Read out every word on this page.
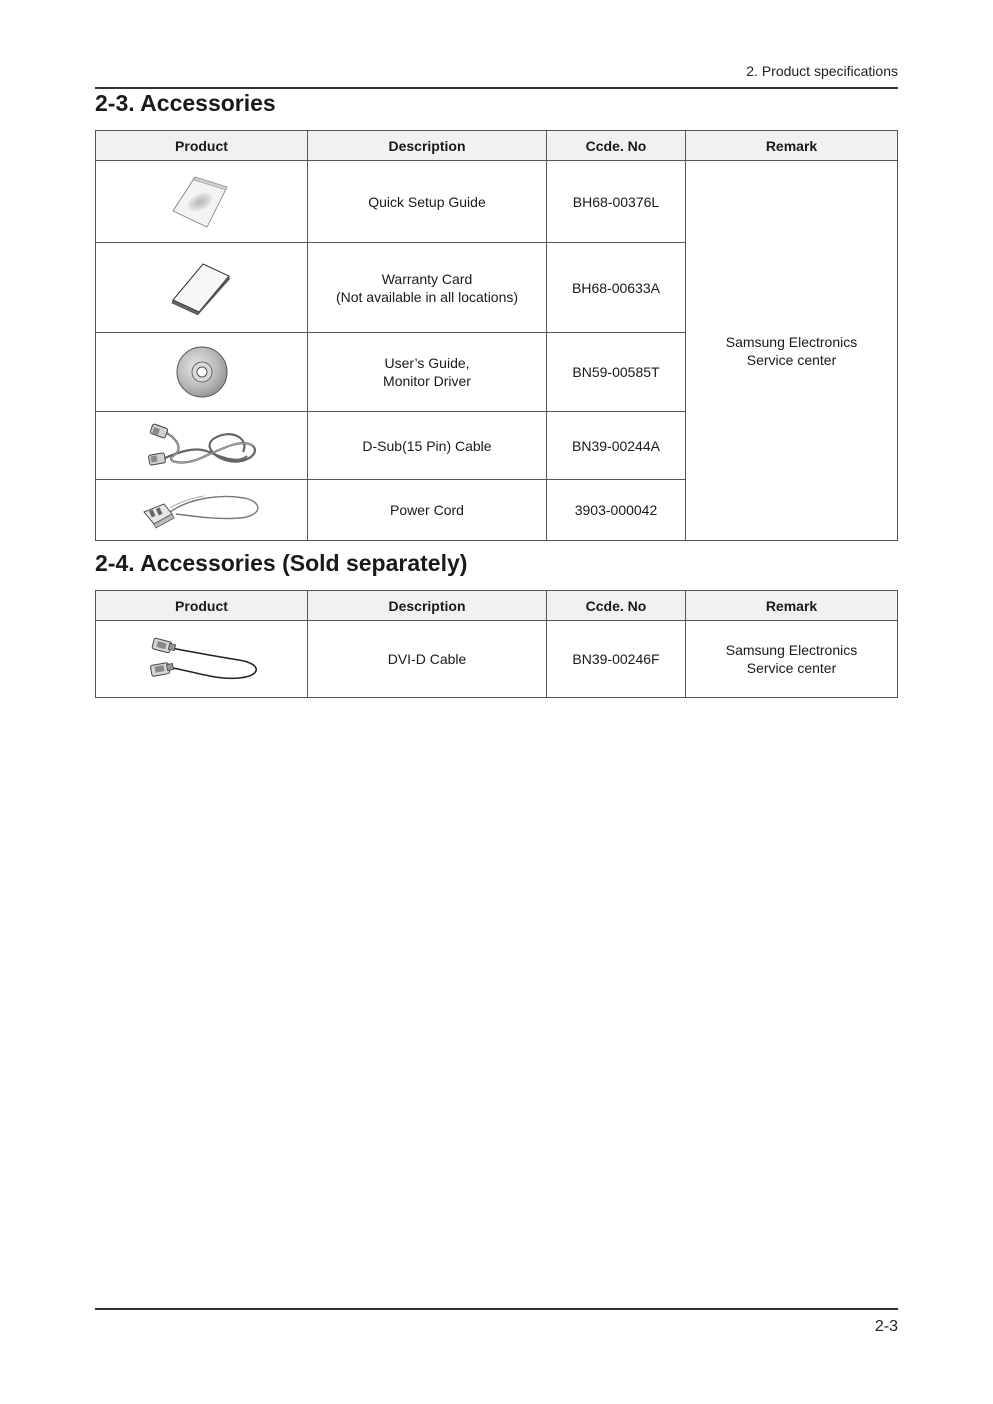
2. Product specifications
2-3. Accessories
Product	Description	Ccde. No	Remark

Quick Setup Guide	BH68-00376L	Samsung Electronics
Service center

Warranty Card
(Not available in all locations)	BH68-00633A	

User’s Guide,
Monitor Driver	BN59-00585T	

D-Sub(15 Pin) Cable	BN39-00244A	

Power Cord	3903-000042	
2-4. Accessories (Sold separately)
Product	Description	Ccde. No	Remark

DVI-D Cable	BN39-00246F	Samsung Electronics
Service center
2-3
